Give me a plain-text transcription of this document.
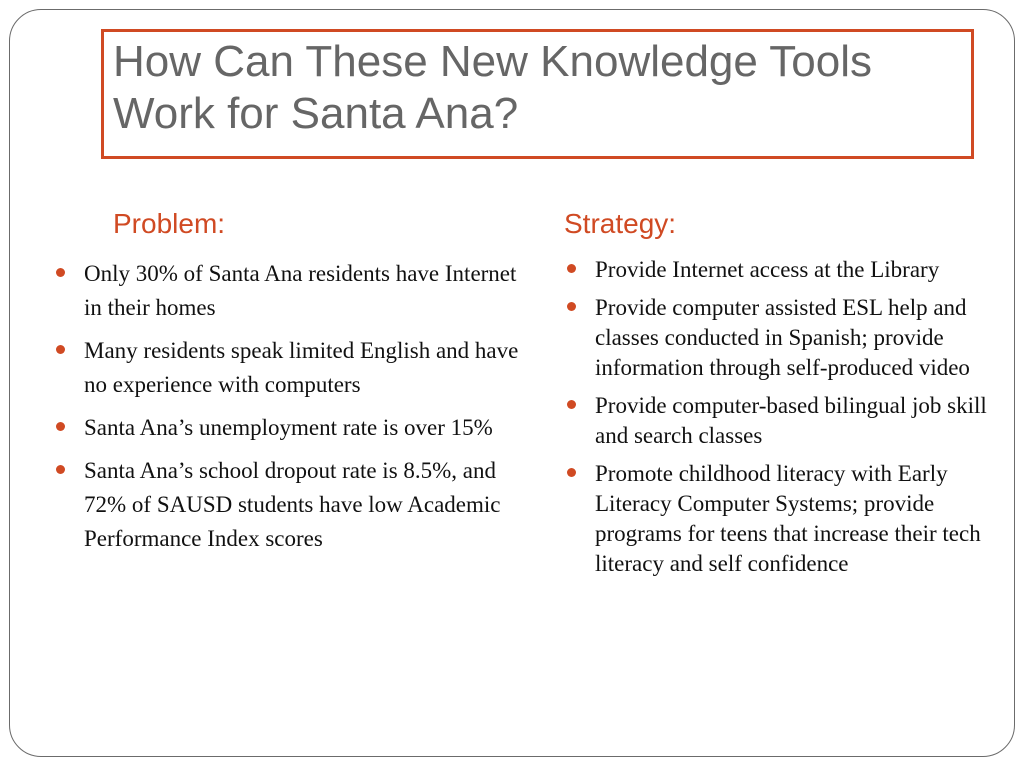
How Can These New Knowledge Tools Work for Santa Ana?
Problem:	Strategy:
Only 30% of Santa Ana residents have Internet in their homes
Many residents speak limited English and have no experience with computers
Santa Ana’s unemployment rate is over 15%
Santa Ana’s school dropout rate is 8.5%, and 72% of SAUSD students have low Academic Performance Index scores
Provide Internet access at the Library
Provide computer assisted ESL help and classes conducted in Spanish; provide information through self-produced video
Provide computer-based bilingual job skill and search classes
Promote childhood literacy with Early Literacy Computer Systems; provide programs for teens that increase their tech literacy and self confidence
